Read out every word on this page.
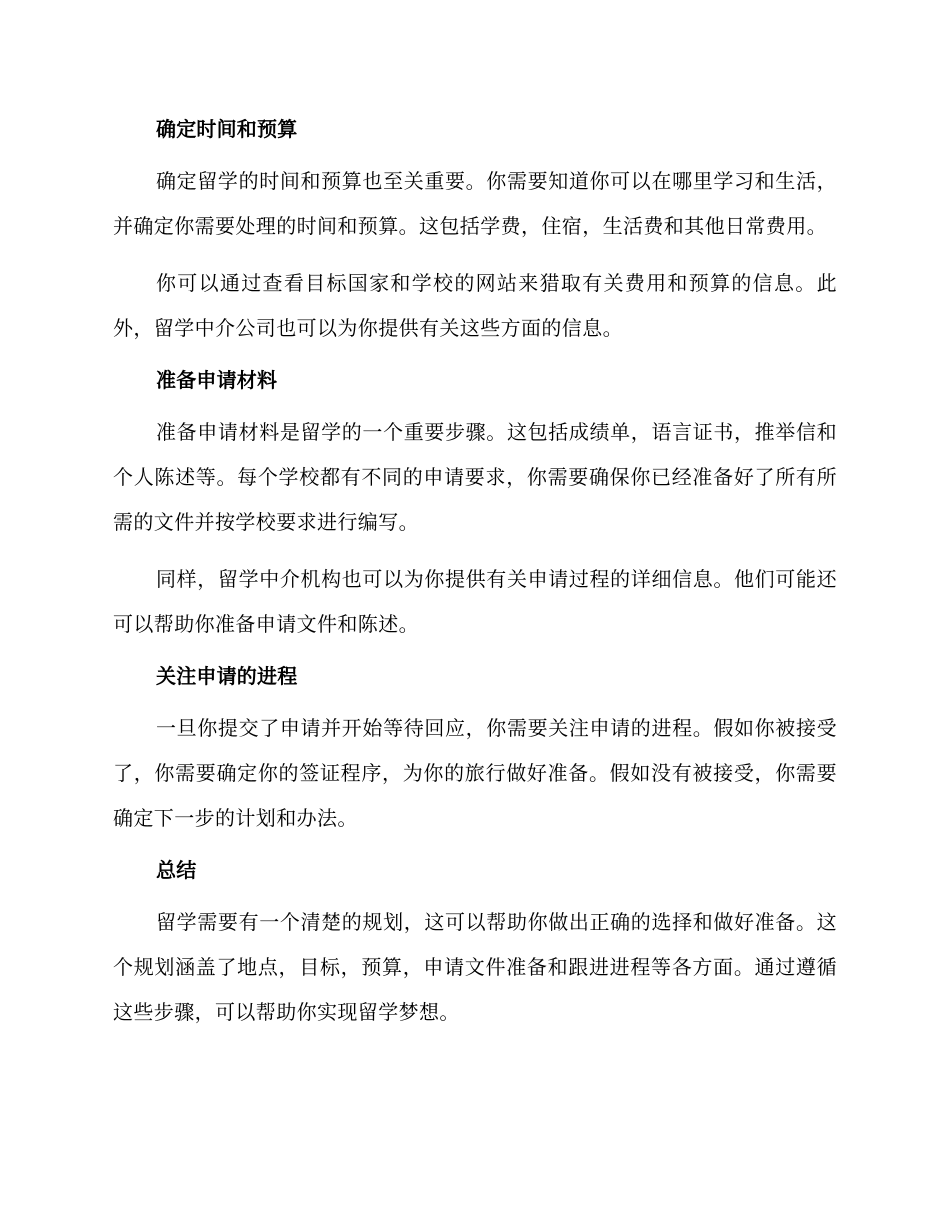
确定时间和预算

确定留学的时间和预算也至关重要。你需要知道你可以在哪里学习和生活，并确定你需要处理的时间和预算。这包括学费，住宿，生活费和其他日常费用。

你可以通过查看目标国家和学校的网站来猎取有关费用和预算的信息。此外，留学中介公司也可以为你提供有关这些方面的信息。

准备申请材料

准备申请材料是留学的一个重要步骤。这包括成绩单，语言证书，推举信和个人陈述等。每个学校都有不同的申请要求，你需要确保你已经准备好了所有所需的文件并按学校要求进行编写。

同样，留学中介机构也可以为你提供有关申请过程的详细信息。他们可能还可以帮助你准备申请文件和陈述。

关注申请的进程

一旦你提交了申请并开始等待回应，你需要关注申请的进程。假如你被接受了，你需要确定你的签证程序，为你的旅行做好准备。假如没有被接受，你需要确定下一步的计划和办法。

总结

留学需要有一个清楚的规划，这可以帮助你做出正确的选择和做好准备。这个规划涵盖了地点，目标，预算，申请文件准备和跟进进程等各方面。通过遵循这些步骤，可以帮助你实现留学梦想。
